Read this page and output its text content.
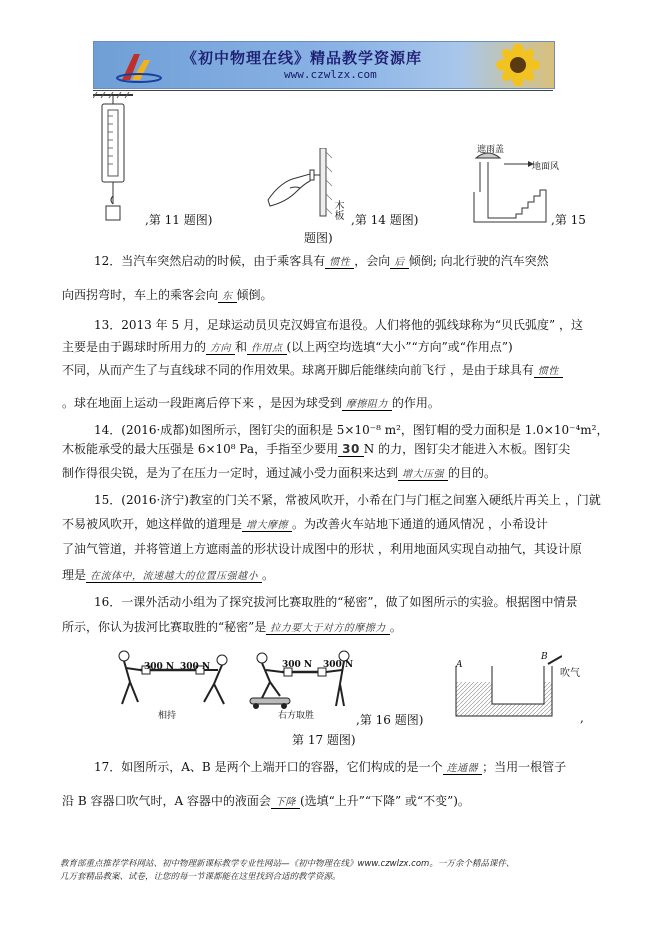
《初中物理在线》精品教学资源库
www.czwlzx.com
,第 11 题图)	木板 ,第 14 题图)
遮雨盖
地面风
,第 15
题图)
12．当汽车突然启动的时候，由于乘客具有 惯性 ，会向 后 倾倒; 向北行驶的汽车突然
向西拐弯时，车上的乘客会向 东 倾倒。
13．2013 年 5 月，足球运动员贝克汉姆宣布退役。人们将他的弧线球称为“贝氏弧度” ，这
主要是由于踢球时所用力的 方向 和 作用点 (以上两空均选填“大小”“方向”或“作用点”)
不同，从而产生了与直线球不同的作用效果。球离开脚后能继续向前飞行 ，是由于球具有 惯性
。球在地面上运动一段距离后停下来 ，是因为球受到 摩擦阻力 的作用。
14．(2016·成都)如图所示，图钉尖的面积是 5×10⁻⁸ m²，图钉帽的受力面积是 1.0×10⁻⁴m²，
木板能承受的最大压强是 6×10⁸ Pa，手指至少要用 30 N 的力，图钉尖才能进入木板。图钉尖
制作得很尖锐，是为了在压力一定时，通过减小受力面积来达到 增大压强 的目的。
15．(2016·济宁)教室的门关不紧，常被风吹开，小希在门与门框之间塞入硬纸片再关上 ，门就
不易被风吹开，她这样做的道理是 增大摩擦 。为改善火车站地下通道的通风情况 ，小希设计
了油气管道，并将管道上方遮雨盖的形状设计成图中的形状 ，利用地面风实现自动抽气，其设计原
理是 在流体中，流速越大的位置压强越小 。
16．一课外活动小组为了探究拔河比赛取胜的“秘密”，做了如图所示的实验。根据图中情景
所示，你认为拔河比赛取胜的“秘密”是 拉力要大于对方的摩擦力 。
300 N 300 N	300 N 300 N
相持	右方取胜	,第 16 题图)
A
B
吹气
,
第 17 题图)
17．如图所示，A、B 是两个上端开口的容器，它们构成的是一个 连通器 ；当用一根管子
沿 B 容器口吹气时，A 容器中的液面会 下降 (选填“上升”“下降” 或“不变”)。
教育部重点推荐学科网站、初中物理新课标教学专业性网站—《初中物理在线》www.czwlzx.com。一万余个精品课件、
几万套精品教案、试卷，让您的每一节课都能在这里找到合适的教学资源。
